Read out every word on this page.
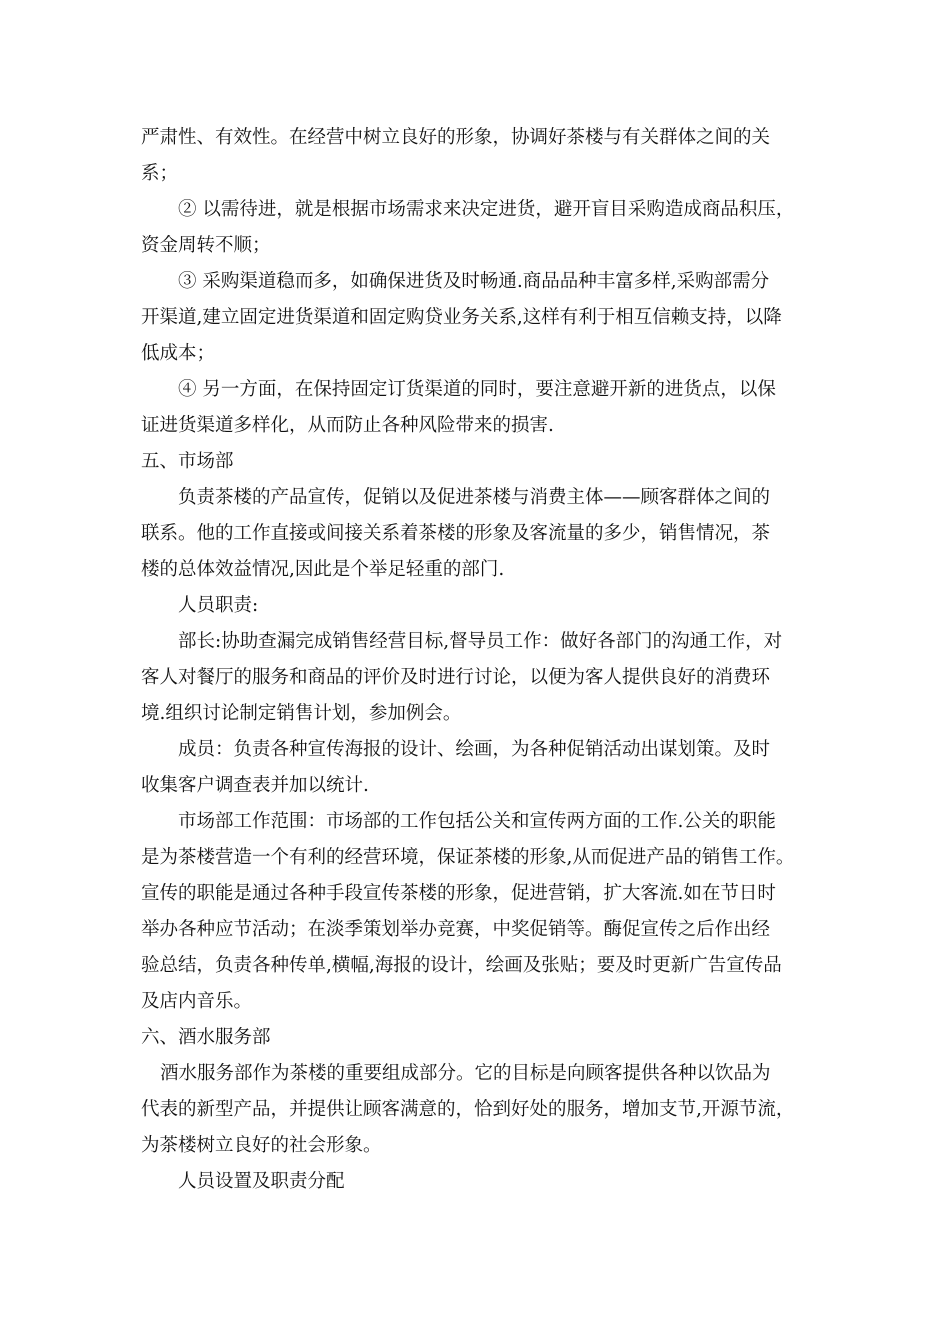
严肃性、有效性。在经营中树立良好的形象，协调好茶楼与有关群体之间的关
系；
② 以需待进，就是根据市场需求来决定进货，避开盲目采购造成商品积压，
资金周转不顺；
③ 采购渠道稳而多，如确保进货及时畅通.商品品种丰富多样,采购部需分
开渠道,建立固定进货渠道和固定购贷业务关系,这样有利于相互信赖支持，以降
低成本；
④ 另一方面，在保持固定订货渠道的同时，要注意避开新的进货点，以保
证进货渠道多样化，从而防止各种风险带来的损害.
五、市场部
负责茶楼的产品宣传，促销以及促进茶楼与消费主体——顾客群体之间的
联系。他的工作直接或间接关系着茶楼的形象及客流量的多少，销售情况，茶
楼的总体效益情况,因此是个举足轻重的部门.
人员职责:
部长:协助查漏完成销售经营目标,督导员工作：做好各部门的沟通工作，对
客人对餐厅的服务和商品的评价及时进行讨论，以便为客人提供良好的消费环
境.组织讨论制定销售计划，参加例会。
成员：负责各种宣传海报的设计、绘画，为各种促销活动出谋划策。及时
收集客户调查表并加以统计.
市场部工作范围：市场部的工作包括公关和宣传两方面的工作.公关的职能
是为茶楼营造一个有利的经营环境，保证茶楼的形象,从而促进产品的销售工作。
宣传的职能是通过各种手段宣传茶楼的形象，促进营销，扩大客流.如在节日时
举办各种应节活动；在淡季策划举办竞赛，中奖促销等。酶促宣传之后作出经
验总结，负责各种传单,横幅,海报的设计，绘画及张贴；要及时更新广告宣传品
及店内音乐。
六、酒水服务部
酒水服务部作为茶楼的重要组成部分。它的目标是向顾客提供各种以饮品为
代表的新型产品，并提供让顾客满意的，恰到好处的服务，增加支节,开源节流，
为茶楼树立良好的社会形象。
人员设置及职责分配
